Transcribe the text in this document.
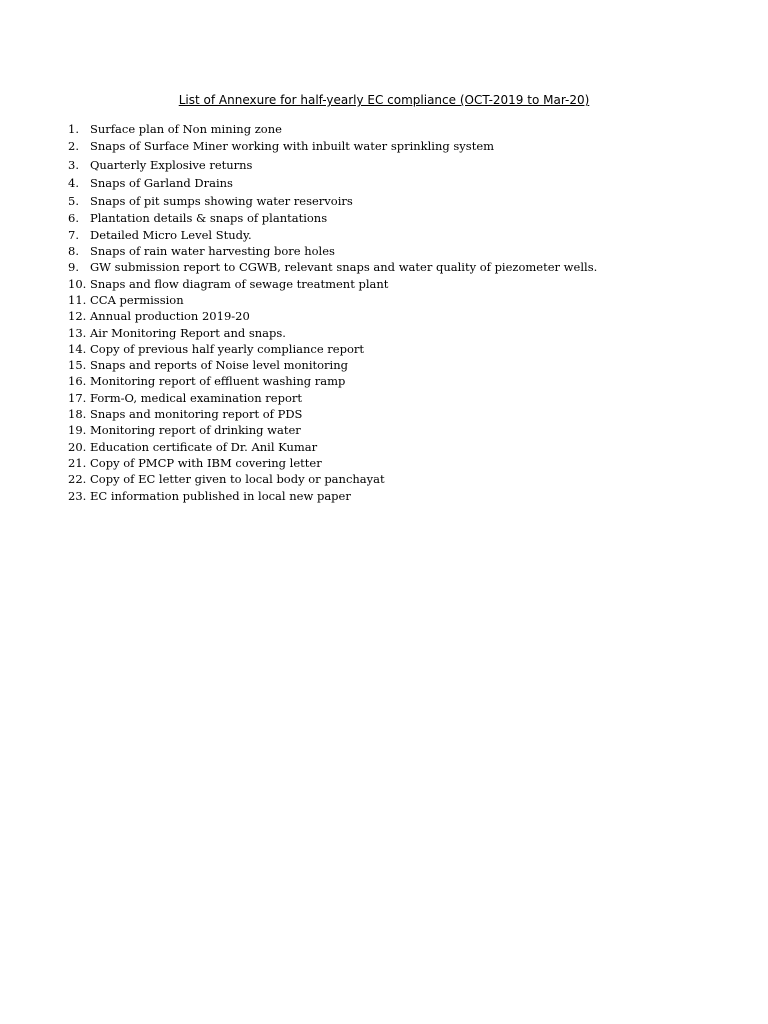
List of Annexure for half-yearly EC compliance (OCT-2019 to Mar-20)
1. Surface plan of Non mining zone
2. Snaps of Surface Miner working with inbuilt water sprinkling system
3. Quarterly Explosive returns
4. Snaps of Garland Drains
5. Snaps of pit sumps showing water reservoirs
6. Plantation details & snaps of plantations
7. Detailed Micro Level Study.
8. Snaps of rain water harvesting bore holes
9. GW submission report to CGWB, relevant snaps and water quality of piezometer wells.
10. Snaps and flow diagram of sewage treatment plant
11. CCA permission
12. Annual production 2019-20
13. Air Monitoring Report and snaps.
14. Copy of previous half yearly compliance report
15. Snaps and reports of Noise level monitoring
16. Monitoring report of effluent washing ramp
17. Form-O, medical examination report
18. Snaps and monitoring report of PDS
19. Monitoring report of drinking water
20. Education certificate of Dr. Anil Kumar
21. Copy of PMCP with IBM covering letter
22. Copy of EC letter given to local body or panchayat
23. EC information published in local new paper
